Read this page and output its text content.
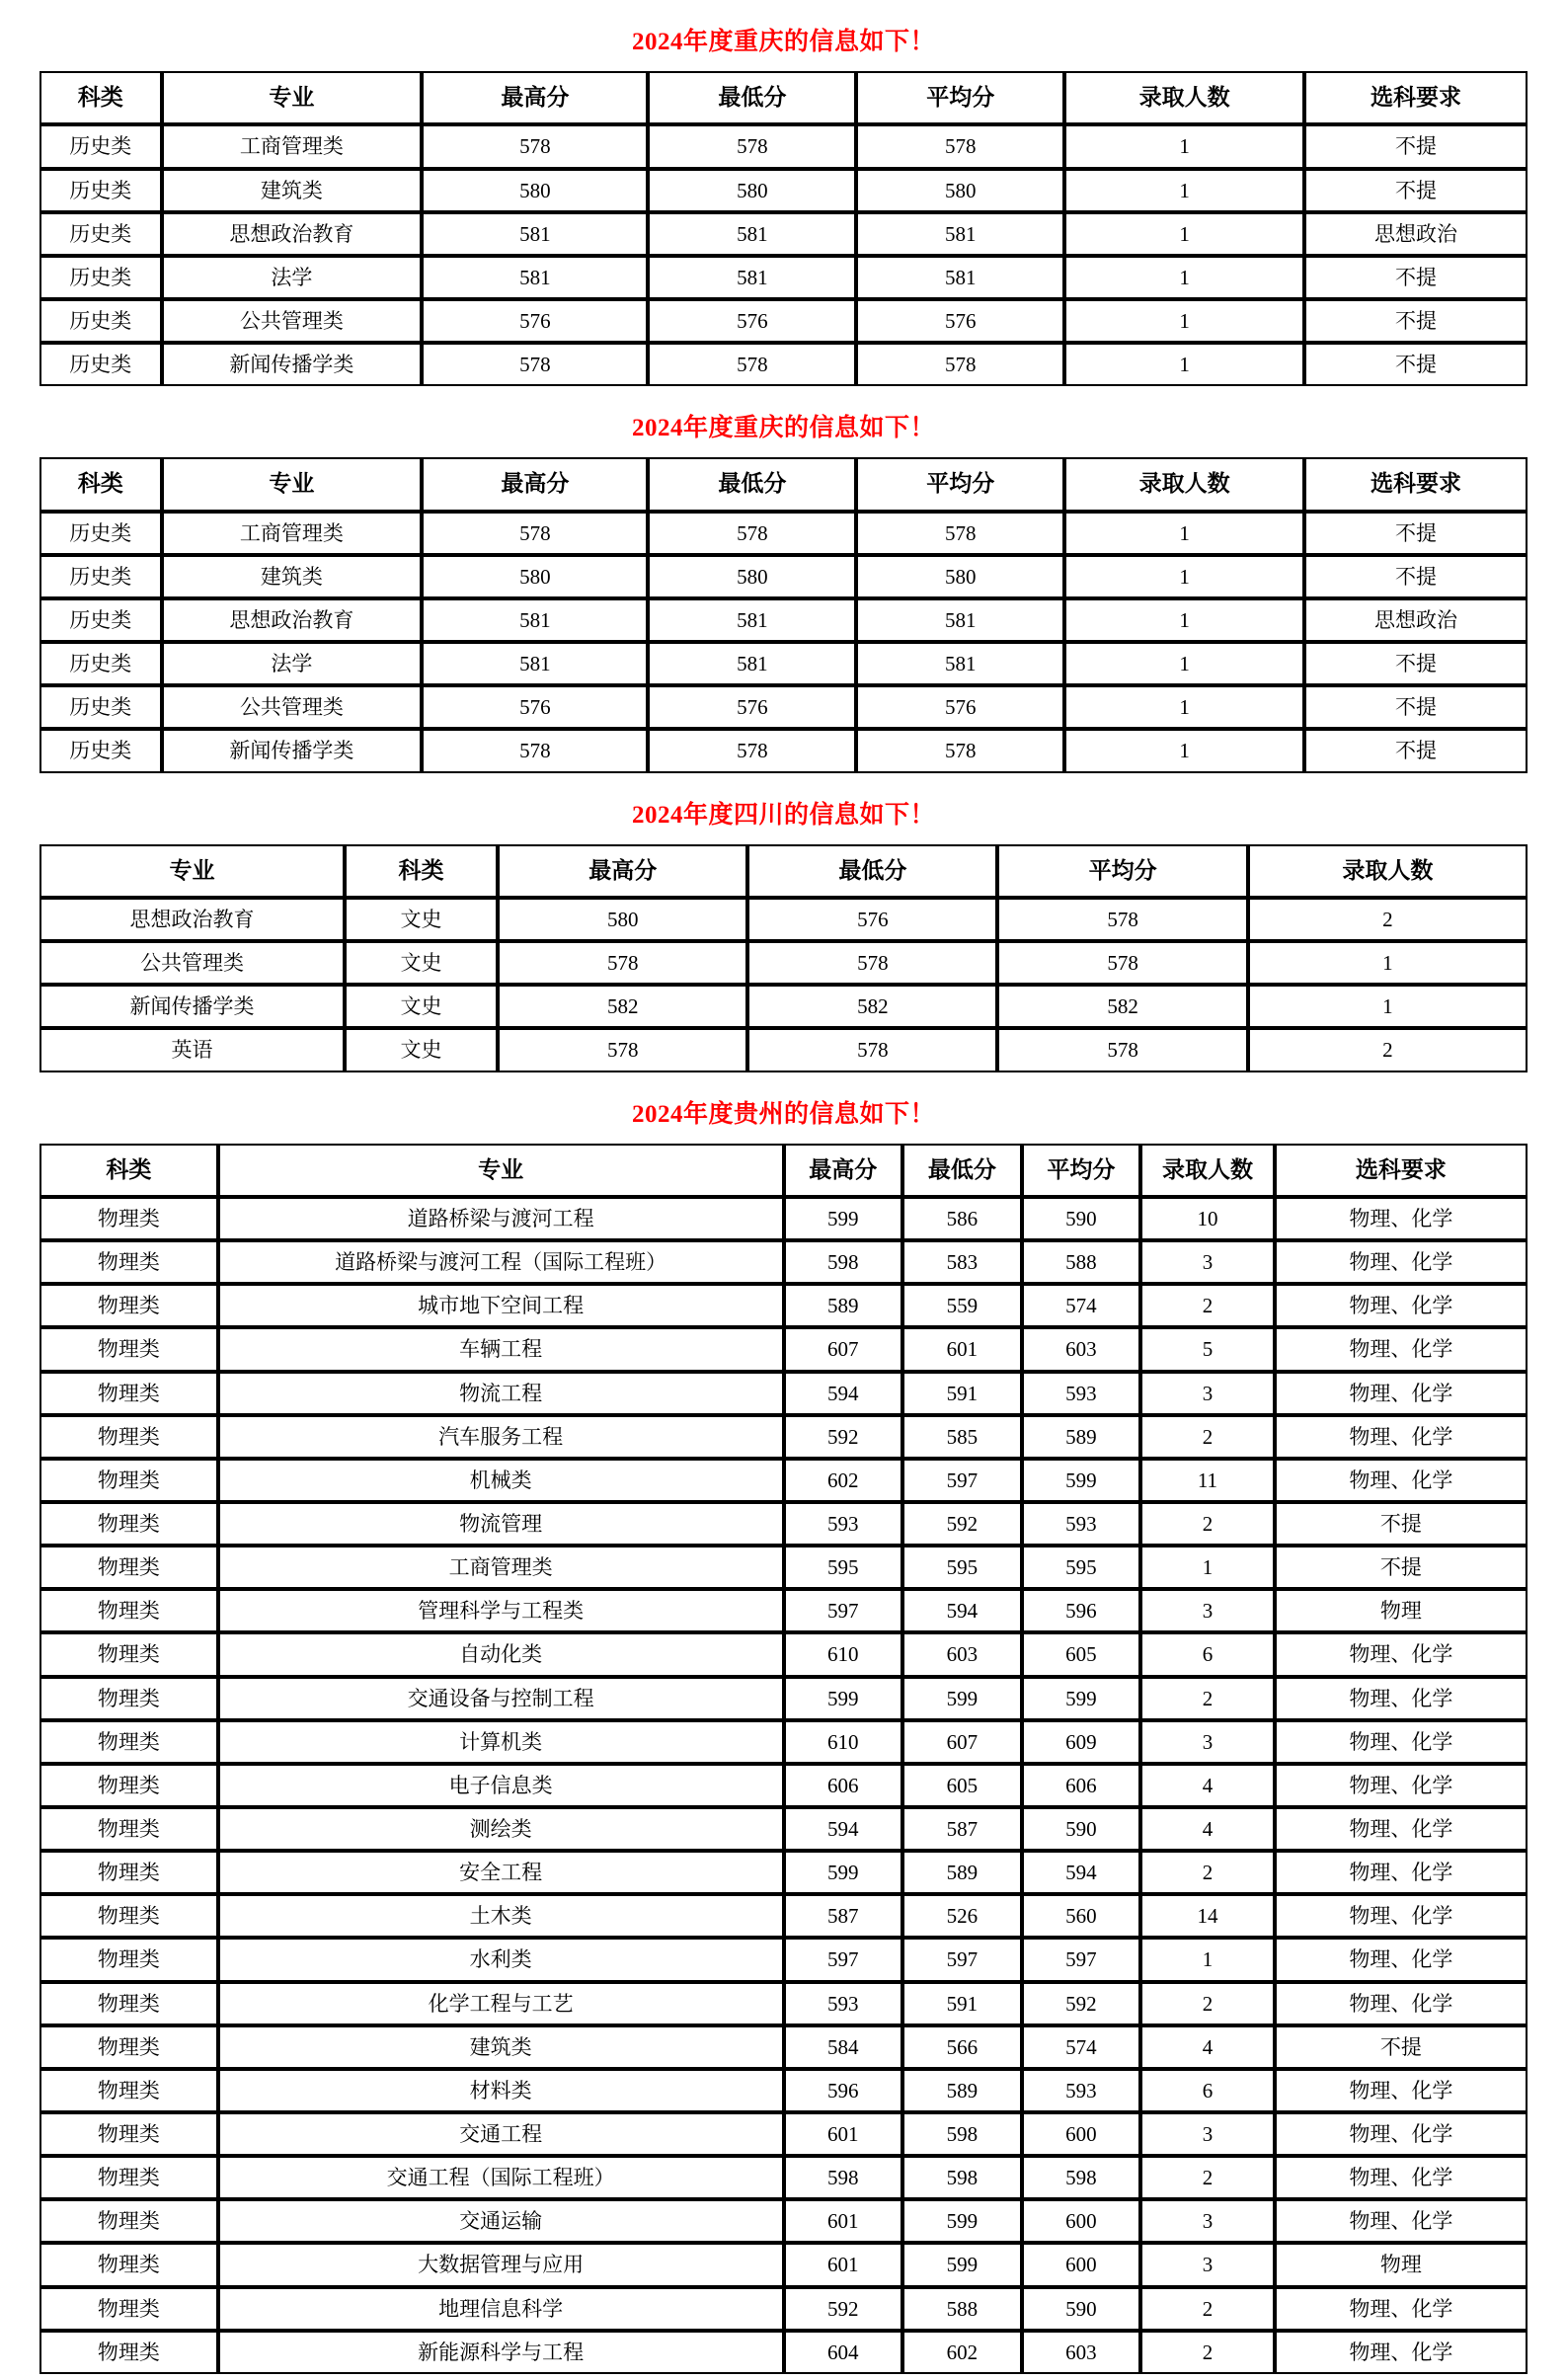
2024年度重庆的信息如下！
科类	专业	最高分	最低分	平均分	录取人数	选科要求
历史类	工商管理类	578	578	578	1	不提
历史类	建筑类	580	580	580	1	不提
历史类	思想政治教育	581	581	581	1	思想政治
历史类	法学	581	581	581	1	不提
历史类	公共管理类	576	576	576	1	不提
历史类	新闻传播学类	578	578	578	1	不提
2024年度重庆的信息如下！
科类	专业	最高分	最低分	平均分	录取人数	选科要求
历史类	工商管理类	578	578	578	1	不提
历史类	建筑类	580	580	580	1	不提
历史类	思想政治教育	581	581	581	1	思想政治
历史类	法学	581	581	581	1	不提
历史类	公共管理类	576	576	576	1	不提
历史类	新闻传播学类	578	578	578	1	不提
2024年度四川的信息如下！
专业	科类	最高分	最低分	平均分	录取人数
思想政治教育	文史	580	576	578	2
公共管理类	文史	578	578	578	1
新闻传播学类	文史	582	582	582	1
英语	文史	578	578	578	2
2024年度贵州的信息如下！
科类	专业	最高分	最低分	平均分	录取人数	选科要求
物理类	道路桥梁与渡河工程	599	586	590	10	物理、化学
物理类	道路桥梁与渡河工程（国际工程班）	598	583	588	3	物理、化学
物理类	城市地下空间工程	589	559	574	2	物理、化学
物理类	车辆工程	607	601	603	5	物理、化学
物理类	物流工程	594	591	593	3	物理、化学
物理类	汽车服务工程	592	585	589	2	物理、化学
物理类	机械类	602	597	599	11	物理、化学
物理类	物流管理	593	592	593	2	不提
物理类	工商管理类	595	595	595	1	不提
物理类	管理科学与工程类	597	594	596	3	物理
物理类	自动化类	610	603	605	6	物理、化学
物理类	交通设备与控制工程	599	599	599	2	物理、化学
物理类	计算机类	610	607	609	3	物理、化学
物理类	电子信息类	606	605	606	4	物理、化学
物理类	测绘类	594	587	590	4	物理、化学
物理类	安全工程	599	589	594	2	物理、化学
物理类	土木类	587	526	560	14	物理、化学
物理类	水利类	597	597	597	1	物理、化学
物理类	化学工程与工艺	593	591	592	2	物理、化学
物理类	建筑类	584	566	574	4	不提
物理类	材料类	596	589	593	6	物理、化学
物理类	交通工程	601	598	600	3	物理、化学
物理类	交通工程（国际工程班）	598	598	598	2	物理、化学
物理类	交通运输	601	599	600	3	物理、化学
物理类	大数据管理与应用	601	599	600	3	物理
物理类	地理信息科学	592	588	590	2	物理、化学
物理类	新能源科学与工程	604	602	603	2	物理、化学
